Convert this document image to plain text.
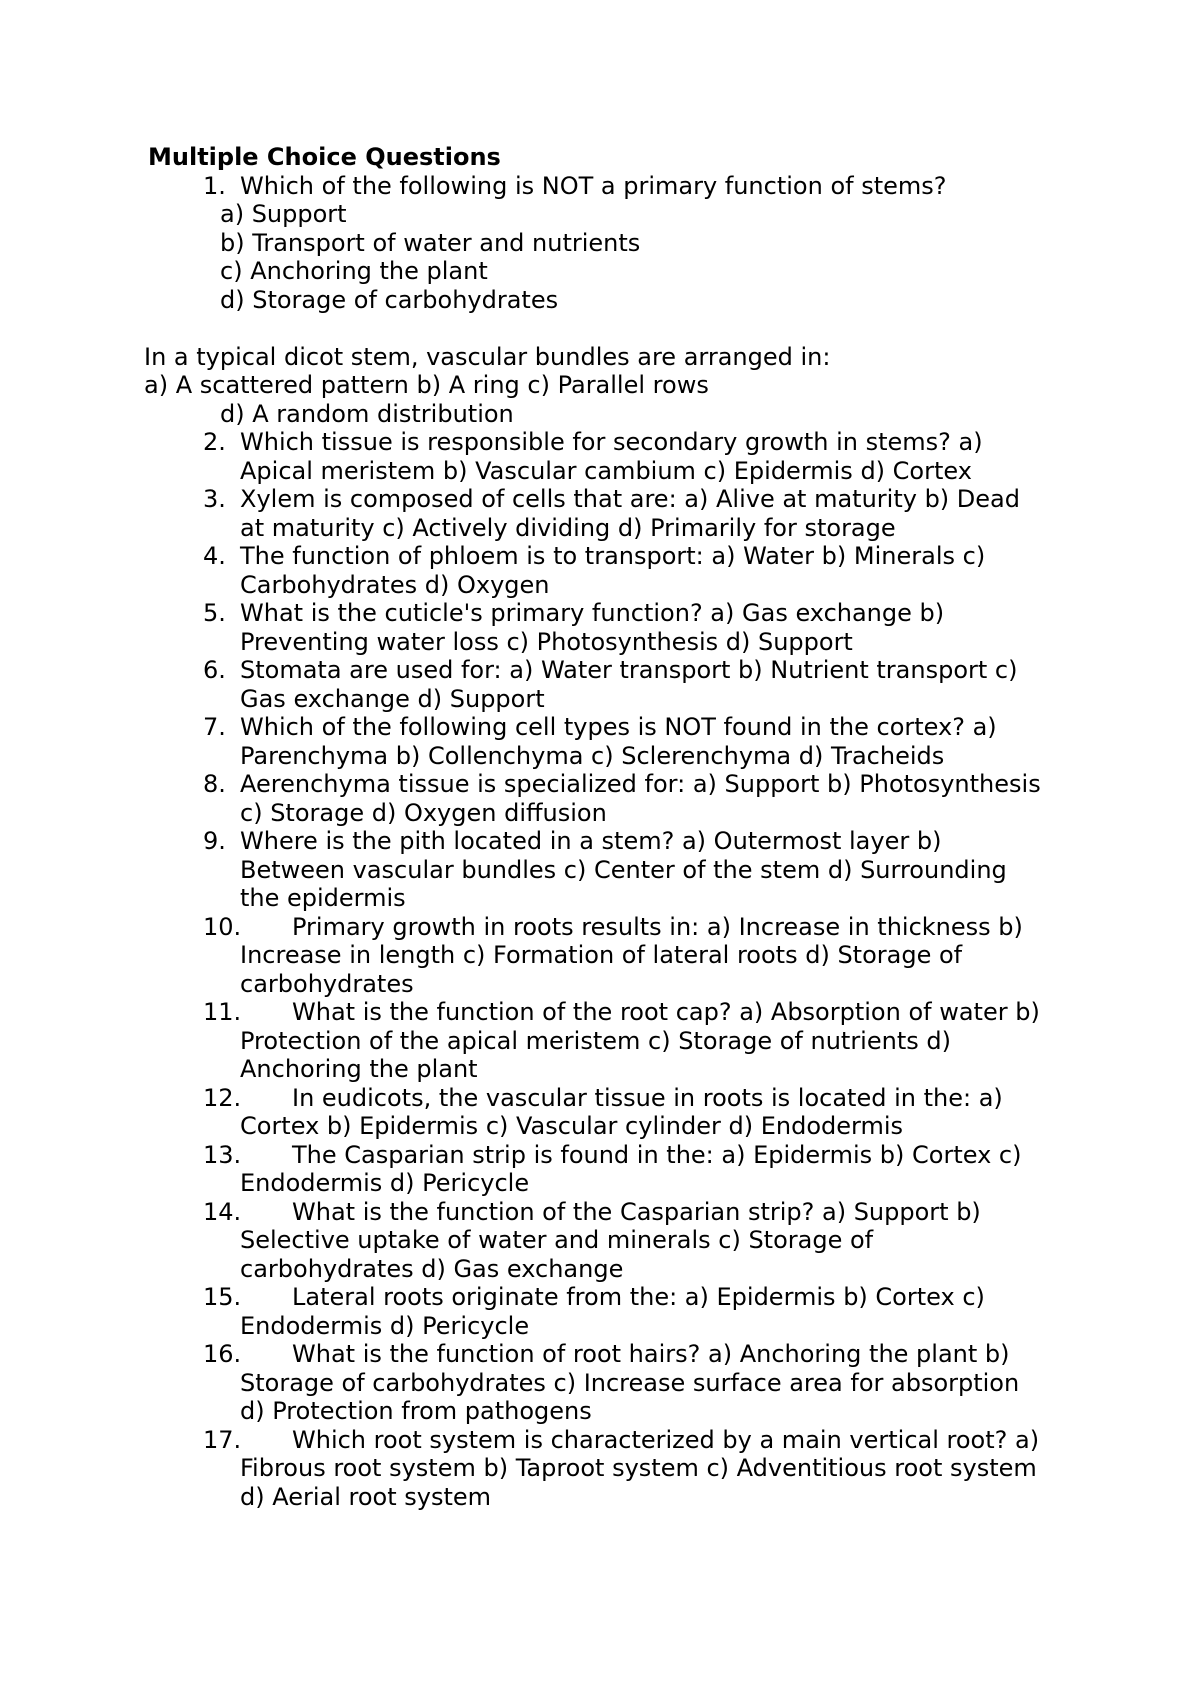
Multiple Choice Questions
1. Which of the following is NOT a primary function of stems?
a) Support
b) Transport of water and nutrients
c) Anchoring the plant
d) Storage of carbohydrates
In a typical dicot stem, vascular bundles are arranged in:
a) A scattered pattern b) A ring c) Parallel rows
d) A random distribution
2. Which tissue is responsible for secondary growth in stems? a)
Apical meristem b) Vascular cambium c) Epidermis d) Cortex
3. Xylem is composed of cells that are: a) Alive at maturity b) Dead
at maturity c) Actively dividing d) Primarily for storage
4. The function of phloem is to transport: a) Water b) Minerals c)
Carbohydrates d) Oxygen
5. What is the cuticle's primary function? a) Gas exchange b)
Preventing water loss c) Photosynthesis d) Support
6. Stomata are used for: a) Water transport b) Nutrient transport c)
Gas exchange d) Support
7. Which of the following cell types is NOT found in the cortex? a)
Parenchyma b) Collenchyma c) Sclerenchyma d) Tracheids
8. Aerenchyma tissue is specialized for: a) Support b) Photosynthesis
c) Storage d) Oxygen diffusion
9. Where is the pith located in a stem? a) Outermost layer b)
Between vascular bundles c) Center of the stem d) Surrounding
the epidermis
10.	Primary growth in roots results in: a) Increase in thickness b)
Increase in length c) Formation of lateral roots d) Storage of
carbohydrates
11.	What is the function of the root cap? a) Absorption of water b)
Protection of the apical meristem c) Storage of nutrients d)
Anchoring the plant
12.	In eudicots, the vascular tissue in roots is located in the: a)
Cortex b) Epidermis c) Vascular cylinder d) Endodermis
13.	The Casparian strip is found in the: a) Epidermis b) Cortex c)
Endodermis d) Pericycle
14.	What is the function of the Casparian strip? a) Support b)
Selective uptake of water and minerals c) Storage of
carbohydrates d) Gas exchange
15.	Lateral roots originate from the: a) Epidermis b) Cortex c)
Endodermis d) Pericycle
16.	What is the function of root hairs? a) Anchoring the plant b)
Storage of carbohydrates c) Increase surface area for absorption
d) Protection from pathogens
17.	Which root system is characterized by a main vertical root? a)
Fibrous root system b) Taproot system c) Adventitious root system
d) Aerial root system
